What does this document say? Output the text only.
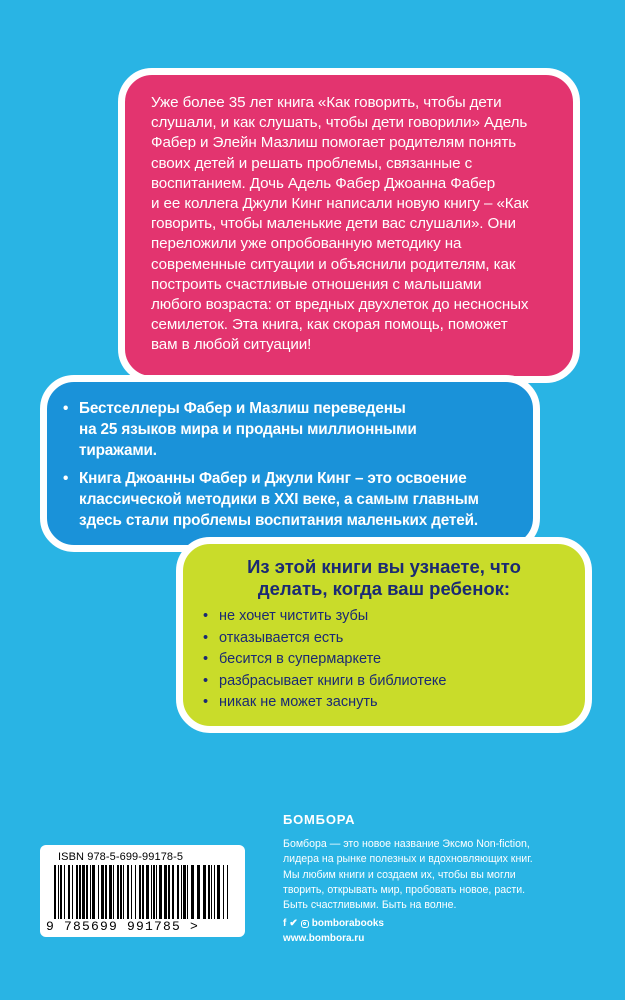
Уже более 35 лет книга «Как говорить, чтобы дети

слушали, и как слушать, чтобы дети говорили» Адель

Фабер и Элейн Мазлиш помогает родителям понять

своих детей и решать проблемы, связанные с

воспитанием. Дочь Адель Фабер Джоанна Фабер

и ее коллега Джули Кинг написали новую книгу – «Как

говорить, чтобы маленькие дети вас слушали». Они

переложили уже опробованную методику на

современные ситуации и объяснили родителям, как

построить счастливые отношения с малышами

любого возраста: от вредных двухлеток до несносных

семилеток. Эта книга, как скорая помощь, поможет

вам в любой ситуации!

• Бестселлеры Фабер и Мазлиш переведены
на 25 языков мира и проданы миллионными
тиражами.
• Книга Джоанны Фабер и Джули Кинг – это освоение
классической методики в XXI веке, а самым главным
здесь стали проблемы воспитания маленьких детей.
Из этой книги вы узнаете, что
делать, когда ваш ребенок:
• не хочет чистить зубы
• отказывается есть
• бесится в супермаркете
• разбрасывает книги в библиотеке
• никак не может заснуть
ISBN 978-5-699-99178-5
9 785699 991785 >
БОМБОРА
Бомбора — это новое название Эксмо Non-fiction,
лидера на рынке полезных и вдохновляющих книг.
Мы любим книги и создаем их, чтобы вы могли
творить, открывать мир, пробовать новое, расти.
Быть счастливыми. Быть на волне.
f ✔ bomborabooks
www.bombora.ru
